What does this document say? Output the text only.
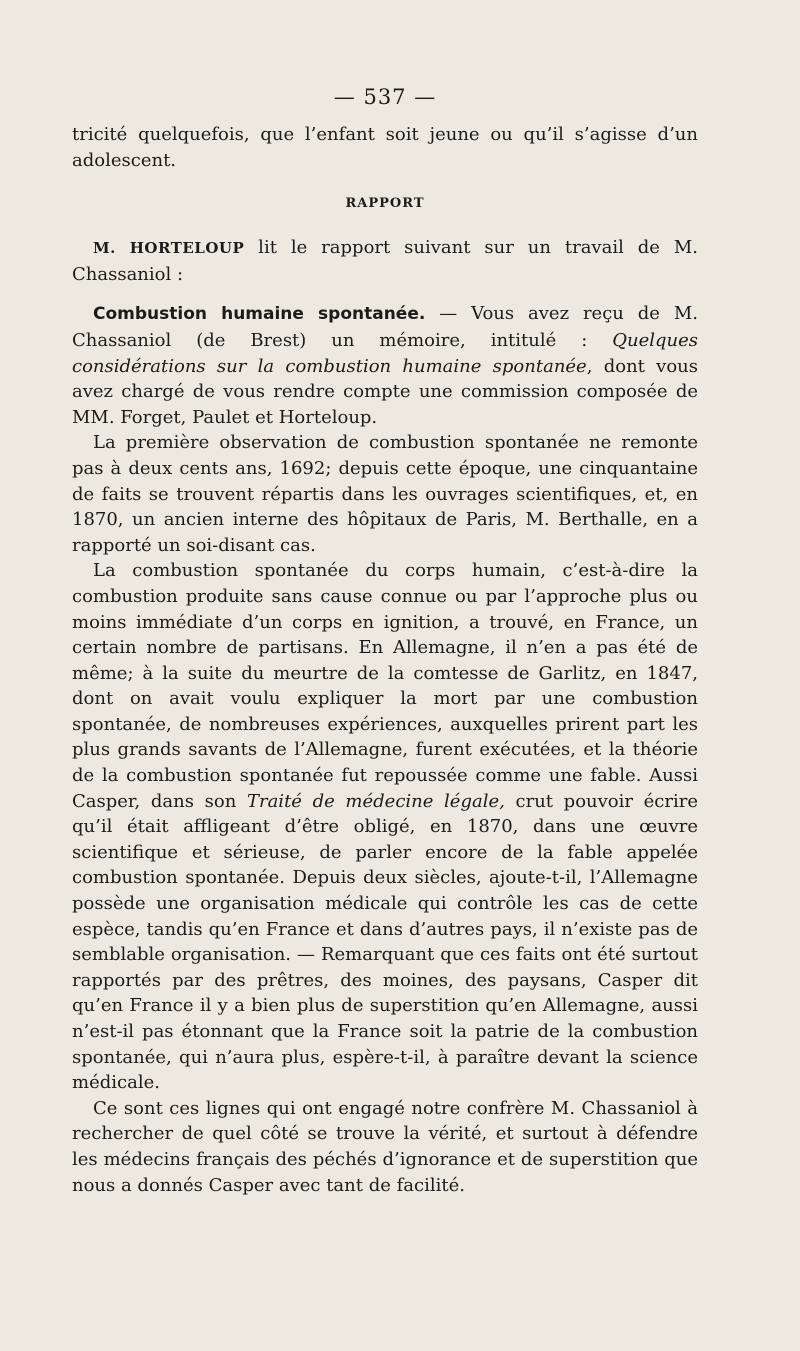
— 537 —

tricité quelquefois, que l’enfant soit jeune ou qu’il s’agisse d’un adolescent.

RAPPORT

M. HORTELOUP lit le rapport suivant sur un travail de M. Chassaniol :

Combustion humaine spontanée. — Vous avez reçu de M. Chassaniol (de Brest) un mémoire, intitulé : Quelques considérations sur la combustion humaine spontanée, dont vous avez chargé de vous rendre compte une commission composée de MM. Forget, Paulet et Horteloup.

La première observation de combustion spontanée ne remonte pas à deux cents ans, 1692; depuis cette époque, une cinquantaine de faits se trouvent répartis dans les ouvrages scientifiques, et, en 1870, un ancien interne des hôpitaux de Paris, M. Berthalle, en a rapporté un soi-disant cas.

La combustion spontanée du corps humain, c’est-à-dire la combustion produite sans cause connue ou par l’approche plus ou moins immédiate d’un corps en ignition, a trouvé, en France, un certain nombre de partisans. En Allemagne, il n’en a pas été de même; à la suite du meurtre de la comtesse de Garlitz, en 1847, dont on avait voulu expliquer la mort par une combustion spontanée, de nombreuses expériences, auxquelles prirent part les plus grands savants de l’Allemagne, furent exécutées, et la théorie de la combustion spontanée fut repoussée comme une fable. Aussi Casper, dans son Traité de médecine légale, crut pouvoir écrire qu’il était affligeant d’être obligé, en 1870, dans une œuvre scientifique et sérieuse, de parler encore de la fable appelée combustion spontanée. Depuis deux siècles, ajoute-t-il, l’Allemagne possède une organisation médicale qui contrôle les cas de cette espèce, tandis qu’en France et dans d’autres pays, il n’existe pas de semblable organisation. — Remarquant que ces faits ont été surtout rapportés par des prêtres, des moines, des paysans, Casper dit qu’en France il y a bien plus de superstition qu’en Allemagne, aussi n’est-il pas étonnant que la France soit la patrie de la combustion spontanée, qui n’aura plus, espère-t-il, à paraître devant la science médicale.

Ce sont ces lignes qui ont engagé notre confrère M. Chassaniol à rechercher de quel côté se trouve la vérité, et surtout à défendre les médecins français des péchés d’ignorance et de superstition que nous a donnés Casper avec tant de facilité.
